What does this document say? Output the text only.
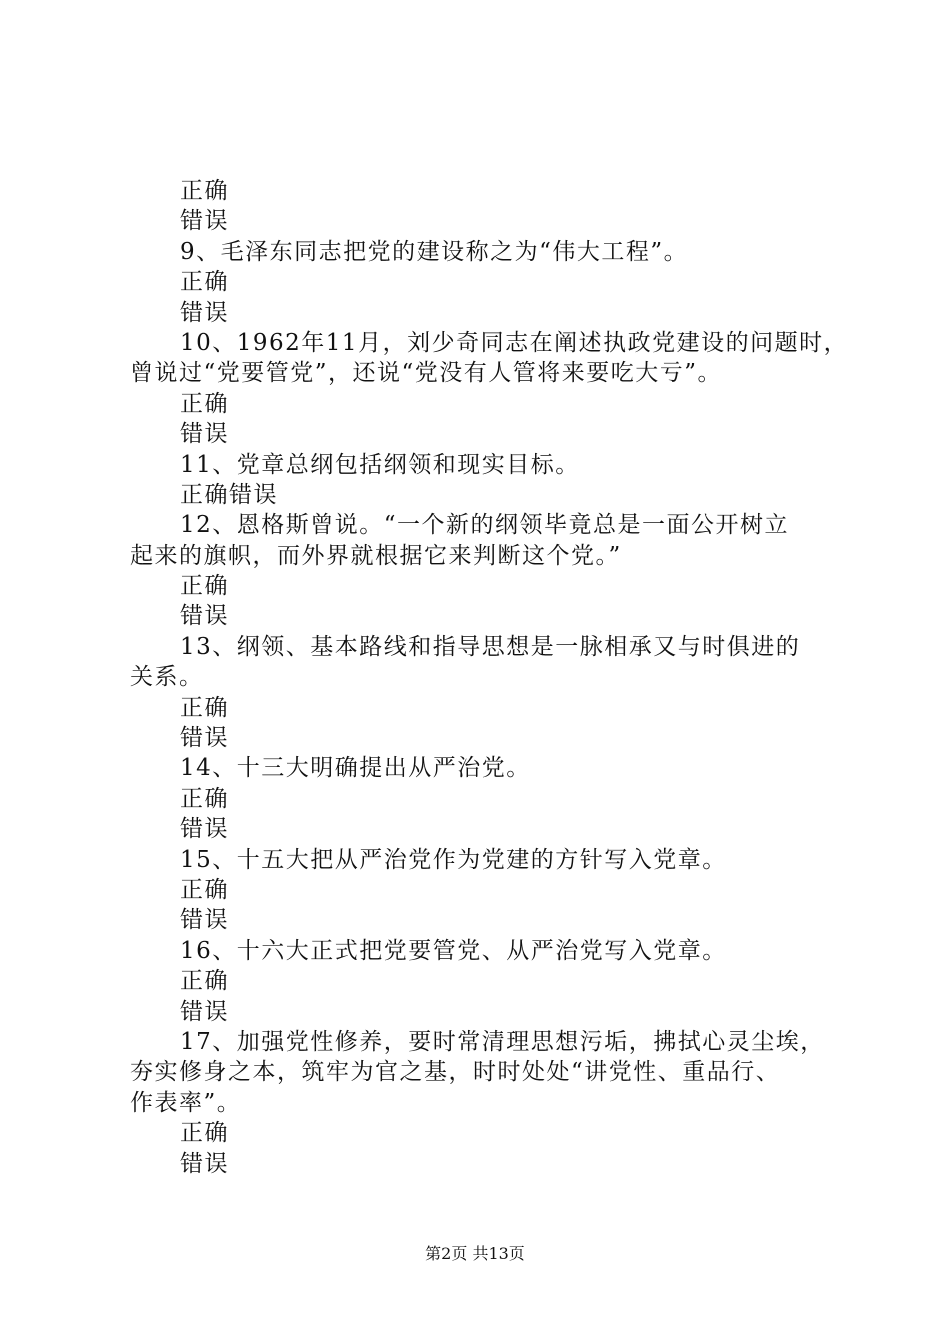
正确
错误
9、毛泽东同志把党的建设称之为“伟大工程”。
正确
错误
10、1962年11月，刘少奇同志在阐述执政党建设的问题时，
曾说过“党要管党”，还说“党没有人管将来要吃大亏”。
正确
错误
11、党章总纲包括纲领和现实目标。
正确错误
12、恩格斯曾说。“一个新的纲领毕竟总是一面公开树立
起来的旗帜，而外界就根据它来判断这个党。”
正确
错误
13、纲领、基本路线和指导思想是一脉相承又与时俱进的
关系。
正确
错误
14、十三大明确提出从严治党。
正确
错误
15、十五大把从严治党作为党建的方针写入党章。
正确
错误
16、十六大正式把党要管党、从严治党写入党章。
正确
错误
17、加强党性修养，要时常清理思想污垢，拂拭心灵尘埃，
夯实修身之本，筑牢为官之基，时时处处“讲党性、重品行、
作表率”。
正确
错误
第2页 共13页
